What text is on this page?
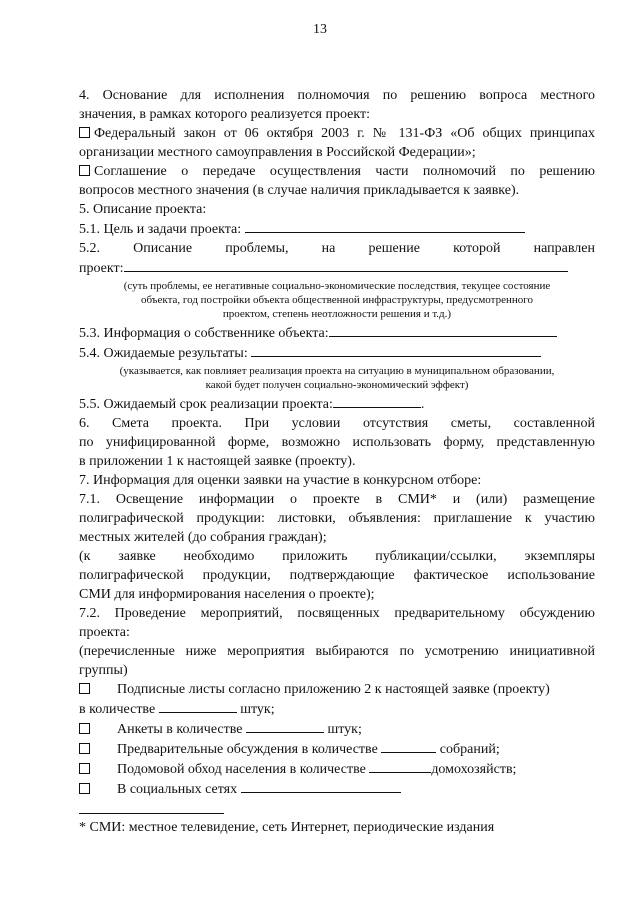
13

4. Основание для исполнения полномочия по решению вопроса местного

значения, в рамках которого реализуется проект:

Федеральный закон от 06 октября 2003 г. № 131-ФЗ «Об общих принципах

организации местного самоуправления в Российской Федерации»;

Соглашение о передаче осуществления части полномочий по решению

вопросов местного значения (в случае наличия прикладывается к заявке).

5. Описание проекта:

5.1. Цель и задачи проекта:

5.2. Описание проблемы, на решение которой направлен

проект:

(суть проблемы, ее негативные социально-экономические последствия, текущее состояние
объекта, год постройки объекта общественной инфраструктуры, предусмотренного
проектом, степень неотложности решения и т.д.)

5.3. Информация о собственнике объекта:

5.4. Ожидаемые результаты:

(указывается, как повлияет реализация проекта на ситуацию в муниципальном образовании,
какой будет получен социально-экономический эффект)

5.5. Ожидаемый срок реализации проекта:	.

6. Смета проекта. При условии отсутствия сметы, составленной

по унифицированной форме, возможно использовать форму, представленную

в приложении 1 к настоящей заявке (проекту).

7. Информация для оценки заявки на участие в конкурсном отборе:

7.1. Освещение информации о проекте в СМИ* и (или) размещение

полиграфической продукции: листовки, объявления: приглашение к участию

местных жителей (до собрания граждан);

(к заявке необходимо приложить публикации/ссылки, экземпляры

полиграфической продукции, подтверждающие фактическое использование

СМИ для информирования населения о проекте);

7.2. Проведение мероприятий, посвященных предварительному обсуждению

проекта:

(перечисленные ниже мероприятия выбираются по усмотрению инициативной

группы)

Подписные листы согласно приложению 2 к настоящей заявке (проекту)

в количестве	штук;

Анкеты в количестве	штук;
Предварительные обсуждения в количестве	собраний;
Подомовой обход населения в количестве	домохозяйств;
В социальных сетях

* СМИ: местное телевидение, сеть Интернет, периодические издания
